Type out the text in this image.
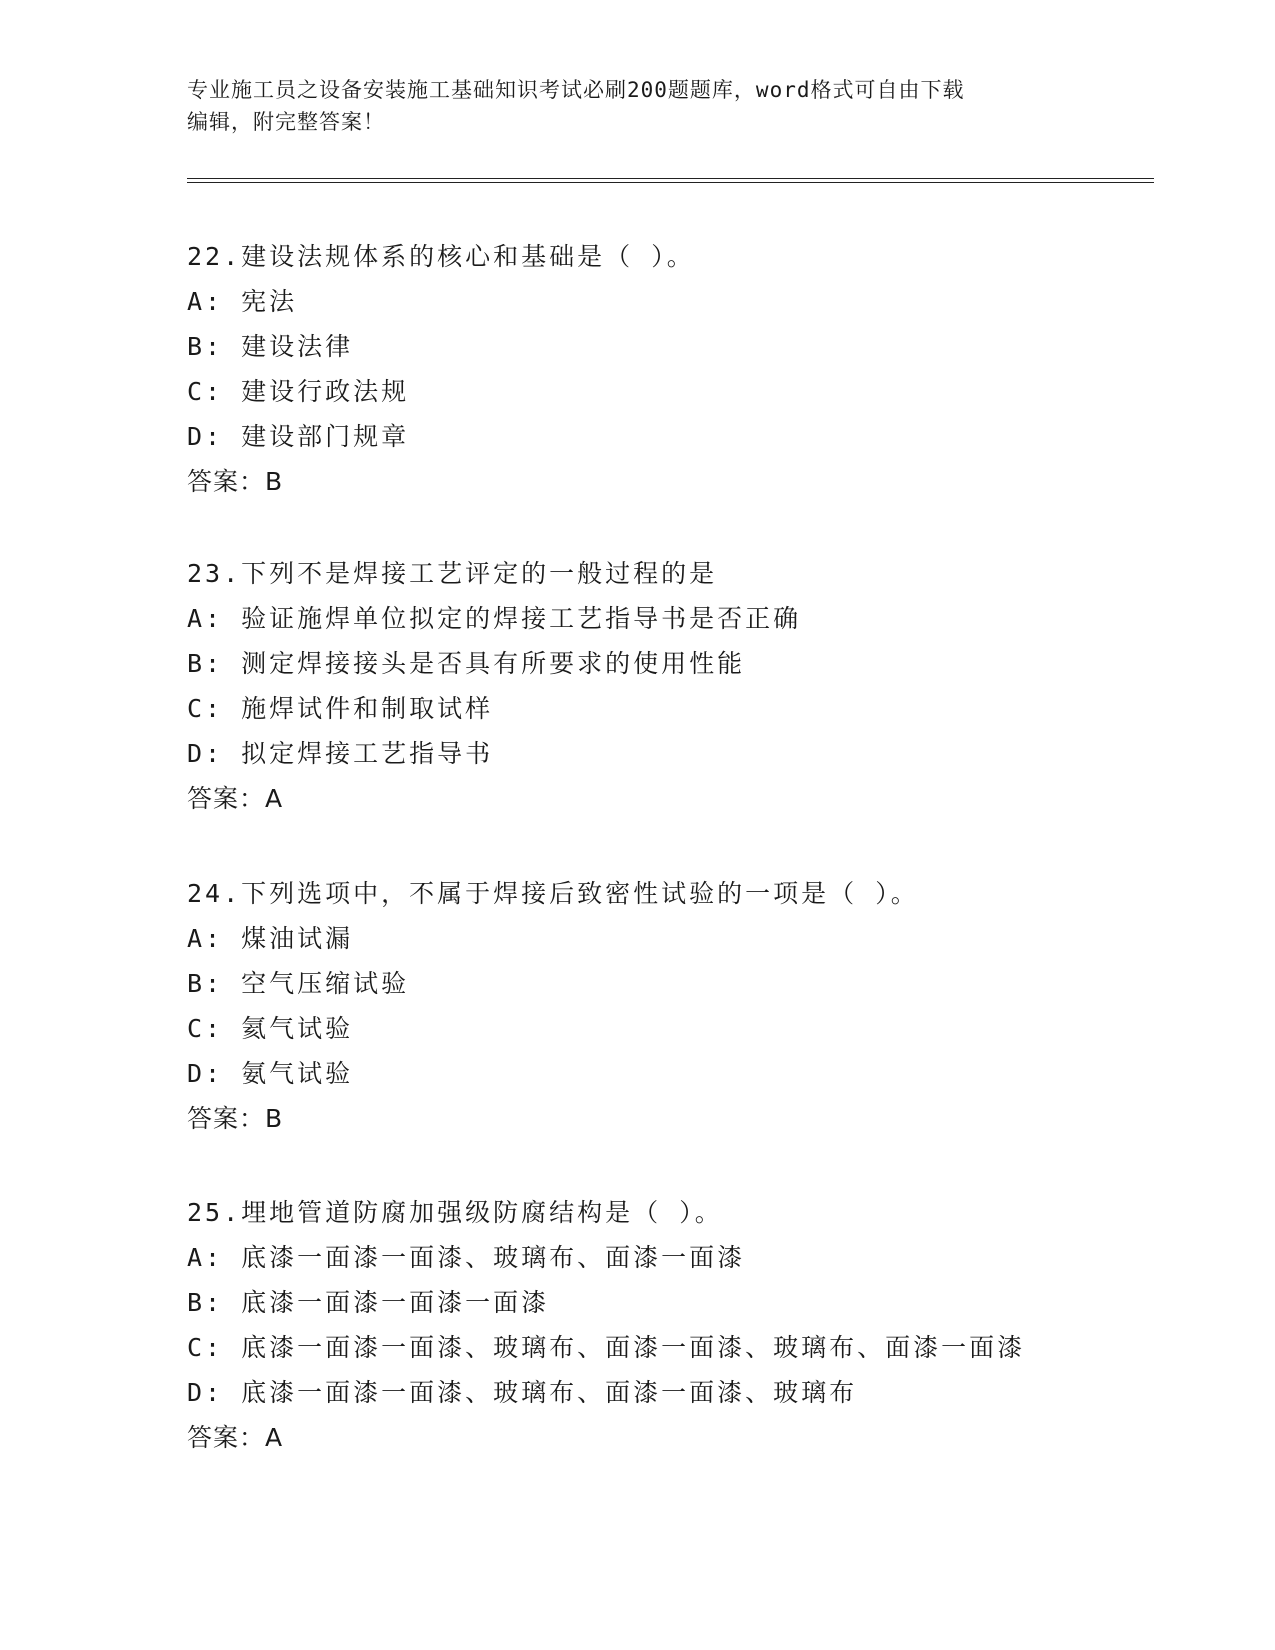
专业施工员之设备安装施工基础知识考试必刷200题题库，word格式可自由下载
编辑，附完整答案！
22.建设法规体系的核心和基础是（ ）。
A: 宪法
B: 建设法律
C: 建设行政法规
D: 建设部门规章
答案：B
23.下列不是焊接工艺评定的一般过程的是
A: 验证施焊单位拟定的焊接工艺指导书是否正确
B: 测定焊接接头是否具有所要求的使用性能
C: 施焊试件和制取试样
D: 拟定焊接工艺指导书
答案：A
24.下列选项中，不属于焊接后致密性试验的一项是（ ）。
A: 煤油试漏
B: 空气压缩试验
C: 氦气试验
D: 氨气试验
答案：B
25.埋地管道防腐加强级防腐结构是（ ）。
A: 底漆一面漆一面漆、玻璃布、面漆一面漆
B: 底漆一面漆一面漆一面漆
C: 底漆一面漆一面漆、玻璃布、面漆一面漆、玻璃布、面漆一面漆
D: 底漆一面漆一面漆、玻璃布、面漆一面漆、玻璃布
答案：A
